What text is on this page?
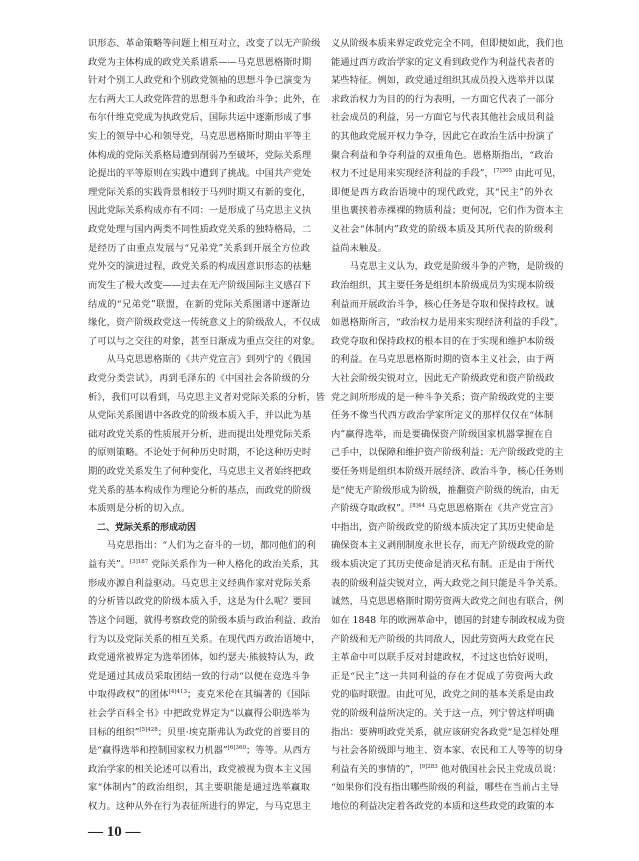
识形态、革命策略等问题上相互对立，改变了以无产阶级
政党为主体构成的政党关系谱系——马克思恩格斯时期
针对个别工人政党和个别政党领袖的思想斗争已演变为
左右两大工人政党阵营的思想斗争和政治斗争；此外，在
布尔什维克党成为执政党后，国际共运中逐渐形成了事
实上的领导中心和领导党，马克思恩格斯时期由平等主
体构成的党际关系格局遭到削弱乃至破坏，党际关系理
论提出的平等原则在实践中遭到了挑战。中国共产党处
理党际关系的实践背景相较于马列时期又有新的变化，
因此党际关系构成亦有不同：一是形成了马克思主义执
政党处理与国内两类不同性质政党关系的独特格局，二
是经历了由重点发展与“兄弟党”关系到开展全方位政
党外交的演进过程，政党关系的构成因意识形态的祛魅
而发生了极大改变——过去在无产阶级国际主义感召下
结成的“兄弟党”联盟，在新的党际关系图谱中逐渐边
缘化，资产阶级政党这一传统意义上的阶级敌人，不仅成
了可以与之交往的对象，甚至日渐成为重点交往的对象。
从马克思恩格斯的《共产党宣言》到列宁的《俄国
政党分类尝试》，再到毛泽东的《中国社会各阶级的分
析》，我们可以看到，马克思主义者对党际关系的分析，皆
从党际关系图谱中各政党的阶级本质入手，并以此为基
础对政党关系的性质展开分析，进而提出处理党际关系
的原则策略。不论处于何种历史时期，不论这种历史时
期的政党关系发生了何种变化，马克思主义者始终把政
党关系的基本构成作为理论分析的基点，而政党的阶级
本质则是分析的切入点。
二、党际关系的形成动因
马克思指出：“人们为之奋斗的一切，都同他们的利
益有关”。$^{[3]187}$ 党际关系作为一种人格化的政治关系，其
形成亦源自利益驱动。马克思主义经典作家对党际关系
的分析皆以政党的阶级本质入手，这是为什么呢？要回
答这个问题，就得考察政党的阶级本质与政治利益、政治
行为以及党际关系的相互关系。在现代西方政治语境中，
政党通常被界定为选举团体，如约瑟夫·熊彼特认为，政
党是通过其成员采取团结一致的行动“以便在竞选斗争
中取得政权”的团体$^{[4]413}$；麦克米伦在其编著的《国际
社会学百科全书》中把政党界定为“以赢得公职选举为
目标的组织”$^{[5]428}$；贝里·埃克斯弗认为政党的首要目的
是“赢得选举和控制国家权力机器”$^{[6]360}$；等等。从西方
政治学家的相关论述可以看出，政党被视为资本主义国
家“体制内”的政治组织，其主要职能是通过选举赢取
权力。这种从外在行为表征所进行的界定，与马克思主
义从阶级本质来界定政党完全不同，但即便如此，我们也
能通过西方政治学家的定义看到政党作为利益代表者的
某些特征。例如，政党通过组织其成员投入选举并以谋
求政治权力为目的的行为表明，一方面它代表了一部分
社会成员的利益，另一方面它与代表其他社会成员利益
的其他政党展开权力争夺，因此它在政治生活中扮演了
聚合利益和争夺利益的双重角色。恩格斯指出，“政治
权力不过是用来实现经济利益的手段”，$^{[7]305}$ 由此可见，
即便是西方政治语境中的现代政党，其“民主”的外衣
里也裹挟着赤裸裸的物质利益；更何况，它们作为资本主
义社会“体制内”政党的阶级本质及其所代表的阶级利
益尚未触及。
马克思主义认为，政党是阶级斗争的产物，是阶级的
政治组织，其主要任务是组织本阶级成员为实现本阶级
利益而开展政治斗争，核心任务是夺取和保持政权。诚
如恩格斯所言，“政治权力是用来实现经济利益的手段”，
政党夺取和保持政权的根本目的在于实现和维护本阶级
的利益。在马克思恩格斯时期的资本主义社会，由于两
大社会阶级尖锐对立，因此无产阶级政党和资产阶级政
党之间所形成的是一种斗争关系；资产阶级政党的主要
任务不像当代西方政治学家所定义的那样仅仅在“体制
内”赢得选举，而是要确保资产阶级国家机器掌握在自
己手中，以保障和维护资产阶级利益；无产阶级政党的主
要任务则是组织本阶级开展经济、政治斗争，核心任务则
是“使无产阶级形成为阶级，推翻资产阶级的统治，由无
产阶级夺取政权”。$^{[8]44}$ 马克思恩格斯在《共产党宣言》
中指出，资产阶级政党的阶级本质决定了其历史使命是
确保资本主义剥削制度永世长存，而无产阶级政党的阶
级本质决定了其历史使命是消灭私有制。正是由于所代
表的阶级利益尖锐对立，两大政党之间只能是斗争关系。
诚然，马克思恩格斯时期劳资两大政党之间也有联合，例
如在 1848 年的欧洲革命中，德国的封建专制政权成为资
产阶级和无产阶级的共同敌人，因此劳资两大政党在民
主革命中可以联手反对封建政权，不过这也恰好说明，
正是“民主”这一共同利益的存在才促成了劳资两大政
党的临时联盟。由此可见，政党之间的基本关系是由政
党的阶级利益所决定的。关于这一点，列宁曾这样明确
指出：要辨明政党关系，就应该研究各政党“是怎样处理
与社会各阶级即与地主、资本家、农民和工人等等的切身
利益有关的事情的”，$^{[9]283}$ 他对俄国社会民主党成员说：
“如果你们没有指出哪些阶级的利益，哪些在当前占主导
地位的利益决定着各政党的本质和这些政党的政策的本
— 10 —
